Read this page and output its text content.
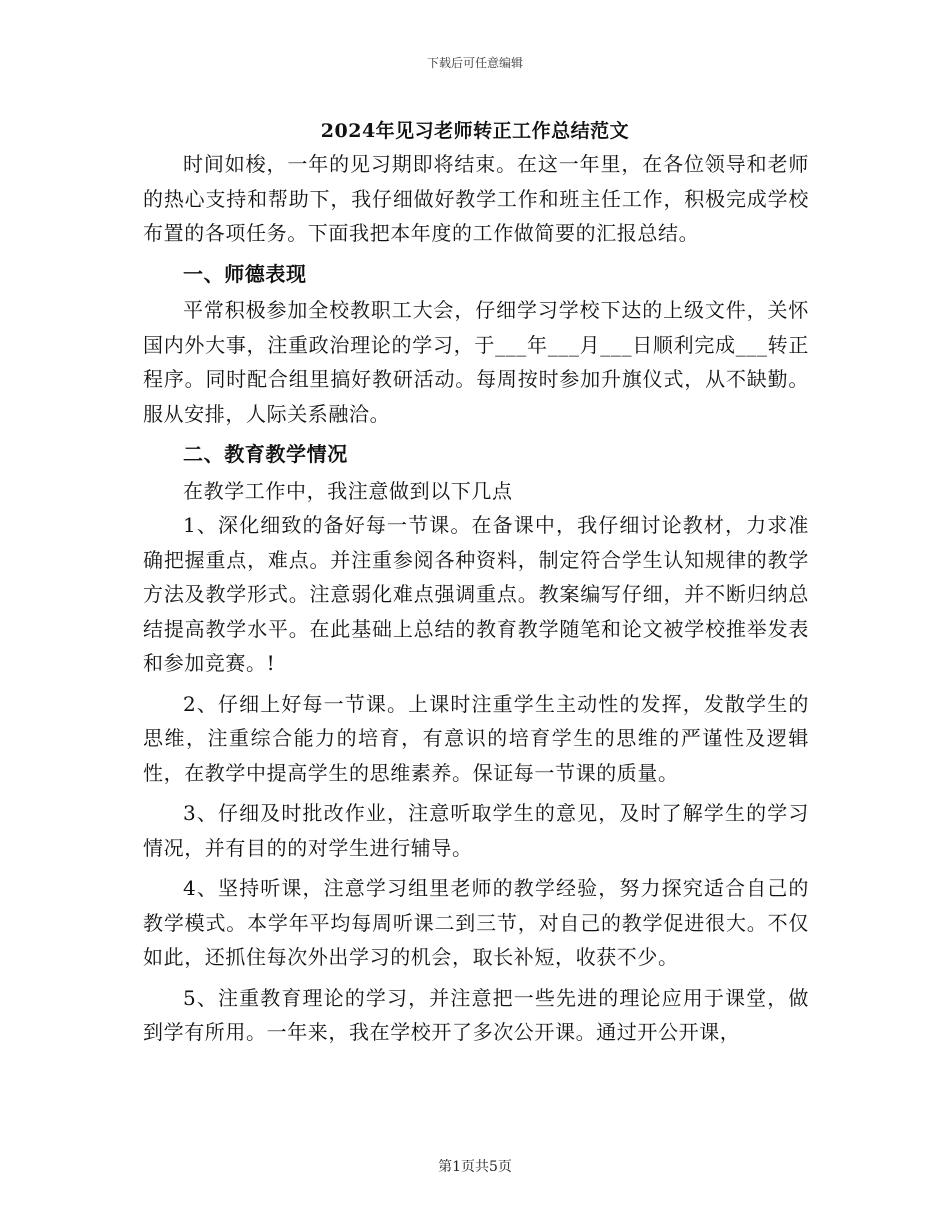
下载后可任意编辑
2024年见习老师转正工作总结范文

时间如梭，一年的见习期即将结束。在这一年里，在各位领导和老师的热心支持和帮助下，我仔细做好教学工作和班主任工作，积极完成学校布置的各项任务。下面我把本年度的工作做简要的汇报总结。

一、师德表现

平常积极参加全校教职工大会，仔细学习学校下达的上级文件，关怀国内外大事，注重政治理论的学习，于___年___月___日顺利完成___转正程序。同时配合组里搞好教研活动。每周按时参加升旗仪式，从不缺勤。服从安排，人际关系融洽。

二、教育教学情况

在教学工作中，我注意做到以下几点

1、深化细致的备好每一节课。在备课中，我仔细讨论教材，力求准确把握重点，难点。并注重参阅各种资料，制定符合学生认知规律的教学方法及教学形式。注意弱化难点强调重点。教案编写仔细，并不断归纳总结提高教学水平。在此基础上总结的教育教学随笔和论文被学校推举发表和参加竞赛。!

2、仔细上好每一节课。上课时注重学生主动性的发挥，发散学生的思维，注重综合能力的培育，有意识的培育学生的思维的严谨性及逻辑性，在教学中提高学生的思维素养。保证每一节课的质量。

3、仔细及时批改作业，注意听取学生的意见，及时了解学生的学习情况，并有目的的对学生进行辅导。

4、坚持听课，注意学习组里老师的教学经验，努力探究适合自己的教学模式。本学年平均每周听课二到三节，对自己的教学促进很大。不仅如此，还抓住每次外出学习的机会，取长补短，收获不少。

5、注重教育理论的学习，并注意把一些先进的理论应用于课堂，做到学有所用。一年来，我在学校开了多次公开课。通过开公开课，

第1页共5页
